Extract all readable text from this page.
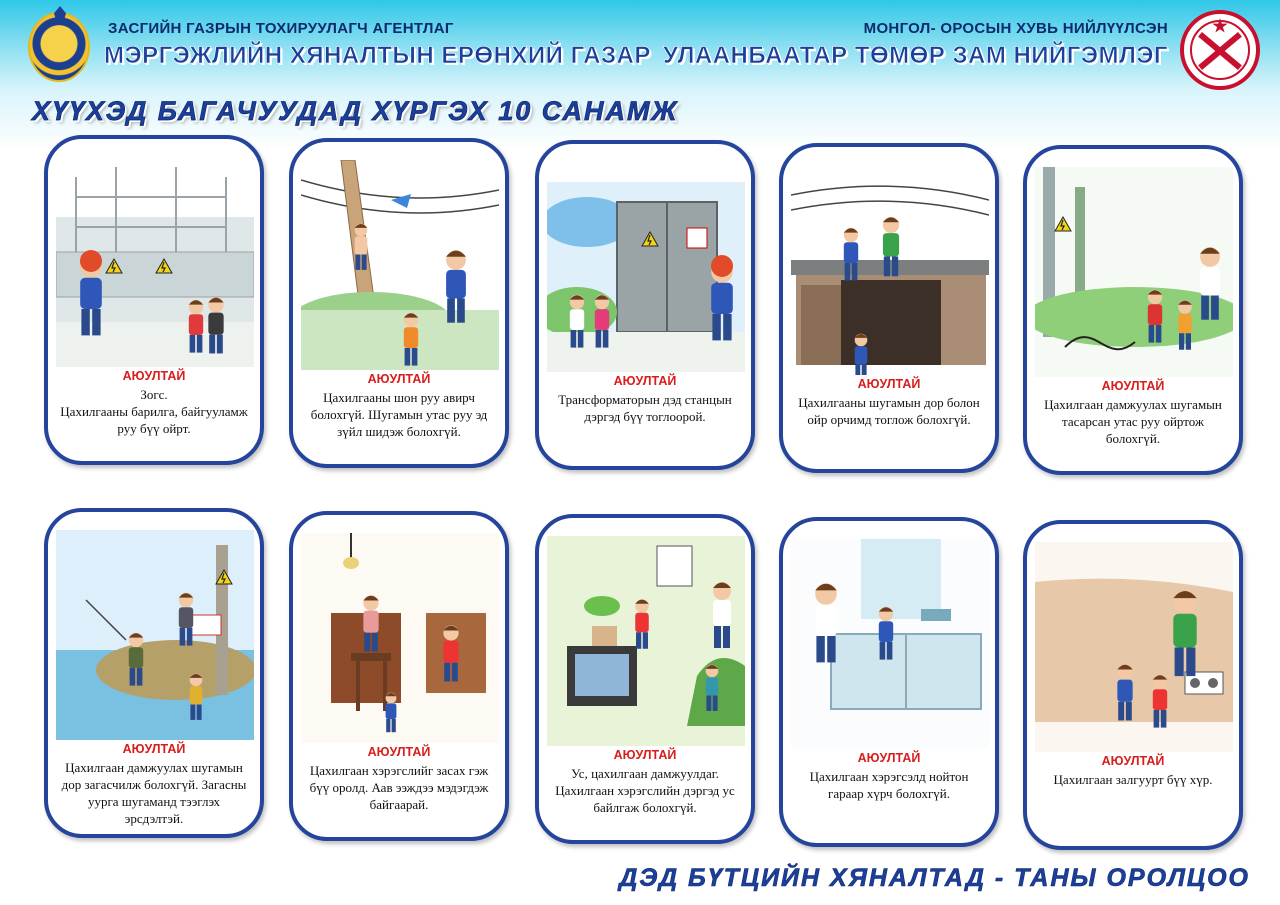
ЗАСГИЙН ГАЗРЫН ТОХИРУУЛАГЧ АГЕНТЛАГ
МЭРГЭЖЛИЙН ХЯНАЛТЫН ЕРӨНХИЙ ГАЗАР
МОНГОЛ- ОРОСЫН ХУВЬ НИЙЛҮҮЛСЭН
УЛААНБААТАР ТӨМӨР ЗАМ НИЙГЭМЛЭГ
ХҮҮХЭД БАГАЧУУДАД ХҮРГЭХ 10 САНАМЖ
АЮУЛТАЙ
Зогс.
Цахилгааны барилга, байгууламж руу бүү ойрт.
АЮУЛТАЙ
Цахилгааны шон руу авирч болохгүй. Шугамын утас руу эд зүйл шидэж болохгүй.
АЮУЛТАЙ
Трансформаторын дэд станцын дэргэд бүү тоглоорой.
АЮУЛТАЙ
Цахилгааны шугамын дор болон ойр орчимд тоглож болохгүй.
АЮУЛТАЙ
Цахилгаан дамжуулах шугамын тасарсан утас руу ойртож болохгүй.
АЮУЛТАЙ
Цахилгаан дамжуулах шугамын дор загасчилж болохгүй. Загасны уурга шугаманд тээглэх эрсдэлтэй.
АЮУЛТАЙ
Цахилгаан хэрэгслийг засах гэж бүү оролд. Аав ээждээ мэдэгдэж байгаарай.
АЮУЛТАЙ
Ус, цахилгаан дамжуулдаг. Цахилгаан хэрэгслийн дэргэд ус байлгаж болохгүй.
АЮУЛТАЙ
Цахилгаан хэрэгсэлд нойтон гараар хүрч болохгүй.
АЮУЛТАЙ
Цахилгаан залгуурт бүү хүр.
ДЭД БҮТЦИЙН ХЯНАЛТАД - ТАНЫ ОРОЛЦОО
